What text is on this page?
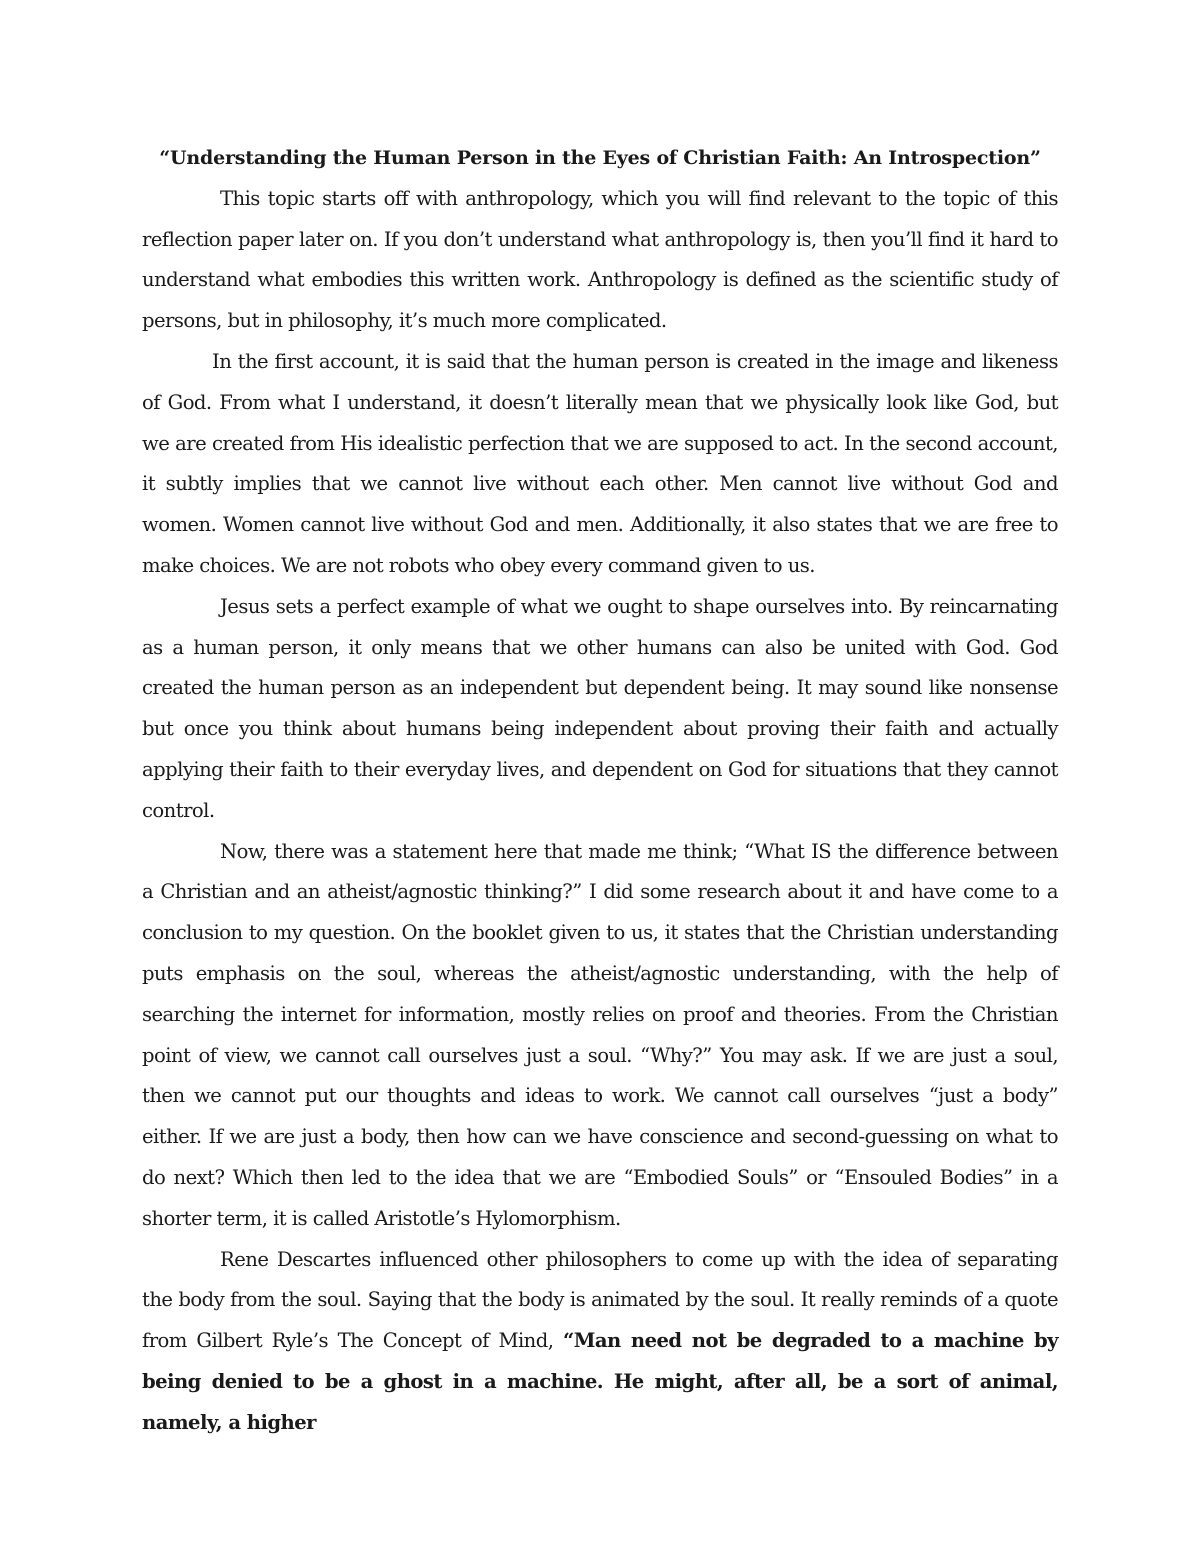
“Understanding the Human Person in the Eyes of Christian Faith: An Introspection”

This topic starts off with anthropology, which you will find relevant to the topic of this reflection paper later on. If you don’t understand what anthropology is, then you’ll find it hard to understand what embodies this written work. Anthropology is defined as the scientific study of persons, but in philosophy, it’s much more complicated.

In the first account, it is said that the human person is created in the image and likeness of God. From what I understand, it doesn’t literally mean that we physically look like God, but we are created from His idealistic perfection that we are supposed to act. In the second account, it subtly implies that we cannot live without each other. Men cannot live without God and women. Women cannot live without God and men. Additionally, it also states that we are free to make choices. We are not robots who obey every command given to us.

Jesus sets a perfect example of what we ought to shape ourselves into. By reincarnating as a human person, it only means that we other humans can also be united with God. God created the human person as an independent but dependent being. It may sound like nonsense but once you think about humans being independent about proving their faith and actually applying their faith to their everyday lives, and dependent on God for situations that they cannot control.

Now, there was a statement here that made me think; “What IS the difference between a Christian and an atheist/agnostic thinking?” I did some research about it and have come to a conclusion to my question. On the booklet given to us, it states that the Christian understanding puts emphasis on the soul, whereas the atheist/agnostic understanding, with the help of searching the internet for information, mostly relies on proof and theories. From the Christian point of view, we cannot call ourselves just a soul. “Why?” You may ask. If we are just a soul, then we cannot put our thoughts and ideas to work. We cannot call ourselves “just a body” either. If we are just a body, then how can we have conscience and second-guessing on what to do next? Which then led to the idea that we are “Embodied Souls” or “Ensouled Bodies” in a shorter term, it is called Aristotle’s Hylomorphism.

Rene Descartes influenced other philosophers to come up with the idea of separating the body from the soul. Saying that the body is animated by the soul. It really reminds of a quote from Gilbert Ryle’s The Concept of Mind, “Man need not be degraded to a machine by being denied to be a ghost in a machine. He might, after all, be a sort of animal, namely, a higher
